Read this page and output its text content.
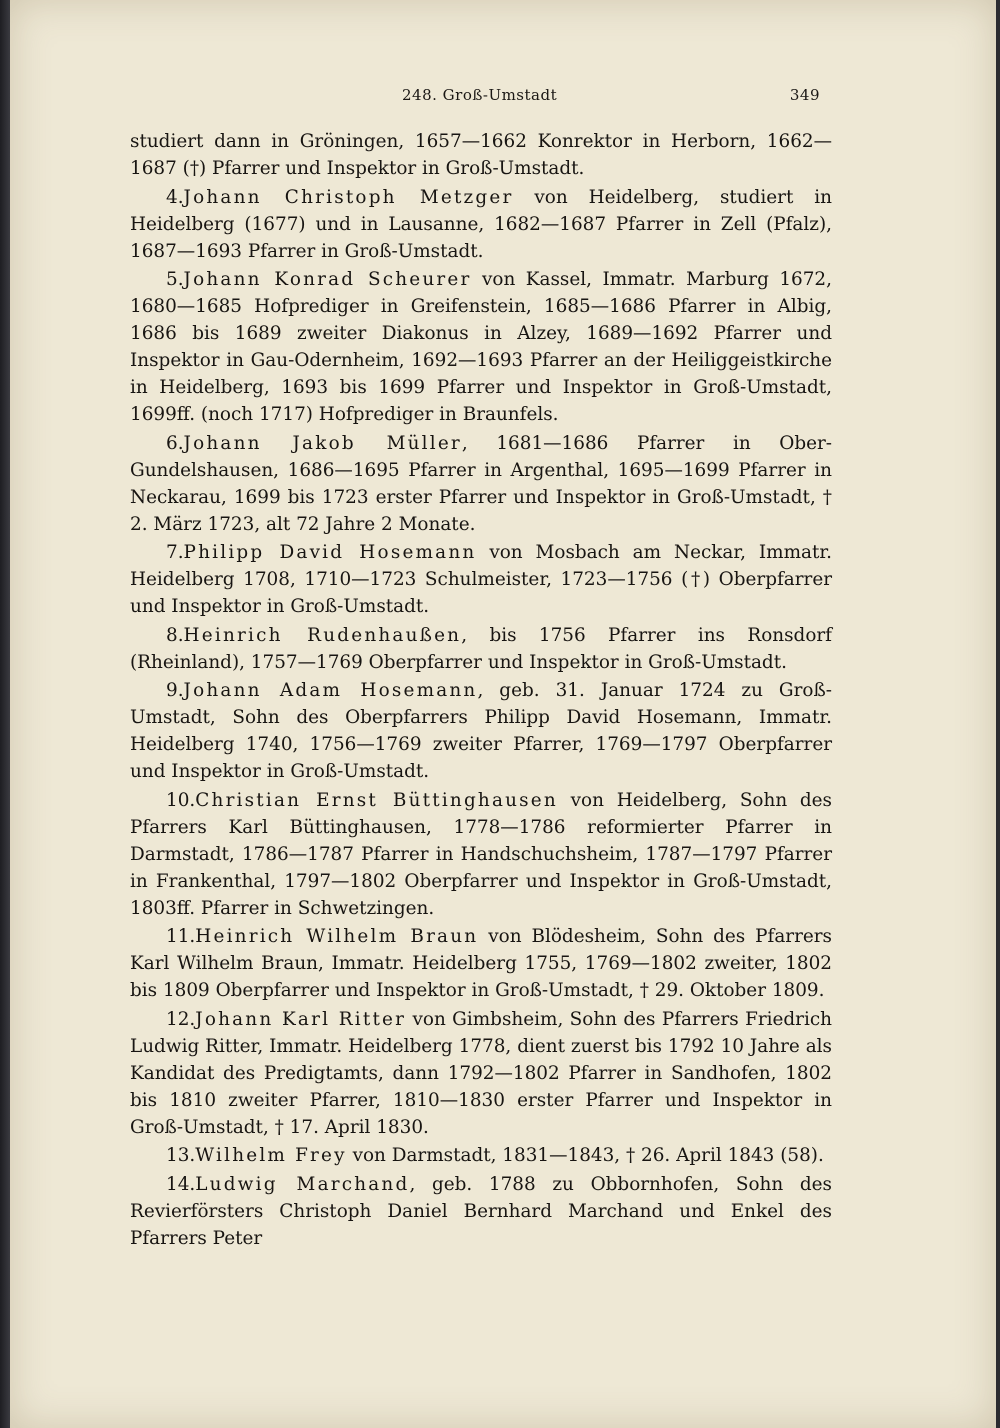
248. Groß-Umstadt	349

studiert dann in Gröningen, 1657—1662 Konrektor in Herborn, 1662—1687 (†) Pfarrer und Inspektor in Groß-Umstadt.

4.Johann Christoph Metzger von Heidelberg, studiert in Heidelberg (1677) und in Lausanne, 1682—1687 Pfarrer in Zell (Pfalz), 1687—1693 Pfarrer in Groß-Umstadt.

5.Johann Konrad Scheurer von Kassel, Immatr. Marburg 1672, 1680—1685 Hofprediger in Greifenstein, 1685—1686 Pfarrer in Albig, 1686 bis 1689 zweiter Diakonus in Alzey, 1689—1692 Pfarrer und Inspektor in Gau-Odernheim, 1692—1693 Pfarrer an der Heiliggeistkirche in Heidelberg, 1693 bis 1699 Pfarrer und Inspektor in Groß-Umstadt, 1699ff. (noch 1717) Hofprediger in Braunfels.

6.Johann Jakob Müller, 1681—1686 Pfarrer in Ober-Gundelshausen, 1686—1695 Pfarrer in Argenthal, 1695—1699 Pfarrer in Neckarau, 1699 bis 1723 erster Pfarrer und Inspektor in Groß-Umstadt, † 2. März 1723, alt 72 Jahre 2 Monate.

7.Philipp David Hosemann von Mosbach am Neckar, Immatr. Heidelberg 1708, 1710—1723 Schulmeister, 1723—1756 (†) Oberpfarrer und Inspektor in Groß-Umstadt.

8.Heinrich Rudenhaußen, bis 1756 Pfarrer ins Ronsdorf (Rheinland), 1757—1769 Oberpfarrer und Inspektor in Groß-Umstadt.

9.Johann Adam Hosemann, geb. 31. Januar 1724 zu Groß-Umstadt, Sohn des Oberpfarrers Philipp David Hosemann, Immatr. Heidelberg 1740, 1756—1769 zweiter Pfarrer, 1769—1797 Oberpfarrer und Inspektor in Groß-Umstadt.

10.Christian Ernst Büttinghausen von Heidelberg, Sohn des Pfarrers Karl Büttinghausen, 1778—1786 reformierter Pfarrer in Darmstadt, 1786—1787 Pfarrer in Handschuchsheim, 1787—1797 Pfarrer in Frankenthal, 1797—1802 Oberpfarrer und Inspektor in Groß-Umstadt, 1803ff. Pfarrer in Schwetzingen.

11.Heinrich Wilhelm Braun von Blödesheim, Sohn des Pfarrers Karl Wilhelm Braun, Immatr. Heidelberg 1755, 1769—1802 zweiter, 1802 bis 1809 Oberpfarrer und Inspektor in Groß-Umstadt, † 29. Oktober 1809.

12.Johann Karl Ritter von Gimbsheim, Sohn des Pfarrers Friedrich Ludwig Ritter, Immatr. Heidelberg 1778, dient zuerst bis 1792 10 Jahre als Kandidat des Predigtamts, dann 1792—1802 Pfarrer in Sandhofen, 1802 bis 1810 zweiter Pfarrer, 1810—1830 erster Pfarrer und Inspektor in Groß-Umstadt, † 17. April 1830.

13.Wilhelm Frey von Darmstadt, 1831—1843, † 26. April 1843 (58).

14.Ludwig Marchand, geb. 1788 zu Obbornhofen, Sohn des Revierförsters Christoph Daniel Bernhard Marchand und Enkel des Pfarrers Peter
